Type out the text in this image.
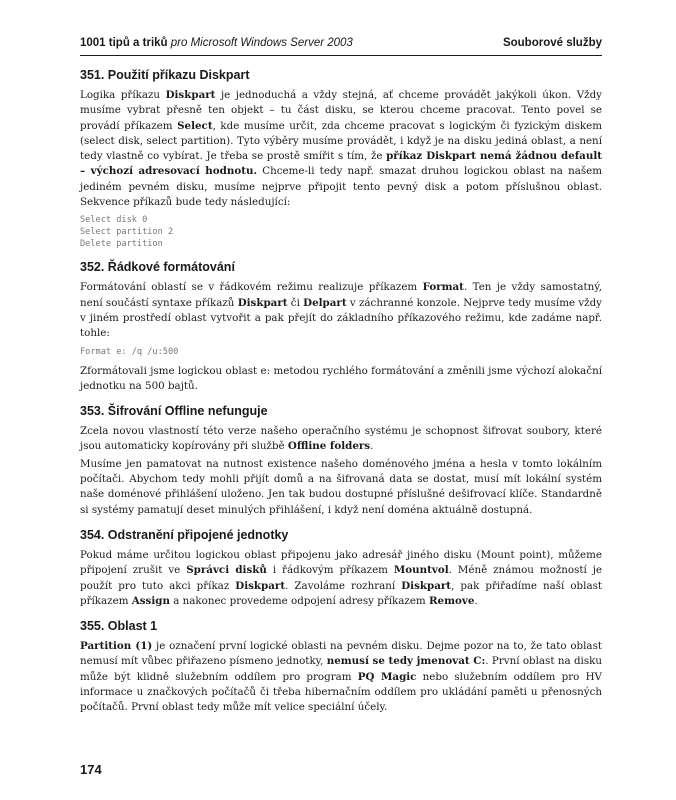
1001 tipů a triků pro Microsoft Windows Server 2003	Souborové služby
351. Použití příkazu Diskpart

Logika příkazu Diskpart je jednoduchá a vždy stejná, ať chceme provádět jakýkoli úkon. Vždy musíme vybrat přesně ten objekt – tu část disku, se kterou chceme pracovat. Tento povel se provádí příkazem Select, kde musíme určit, zda chceme pracovat s logickým či fyzickým diskem (select disk, select partition). Tyto výběry musíme provádět, i když je na disku jediná oblast, a není tedy vlastně co vybírat. Je třeba se prostě smířit s tím, že příkaz Diskpart nemá žádnou default – výchozí adresovací hodnotu. Chceme-li tedy např. smazat druhou logickou oblast na našem jediném pevném disku, musíme nejprve připojit tento pevný disk a potom příslušnou oblast. Sekvence příkazů bude tedy následující:

Select disk 0
Select partition 2
Delete partition
352. Řádkové formátování

Formátování oblastí se v řádkovém režimu realizuje příkazem Format. Ten je vždy samostatný, není součástí syntaxe příkazů Diskpart či Delpart v záchranné konzole. Nejprve tedy musíme vždy v jiném prostředí oblast vytvořit a pak přejít do základního příkazového režimu, kde zadáme např. tohle:

Format e: /q /u:500

Zformátovali jsme logickou oblast e: metodou rychlého formátování a změnili jsme výchozí alokační jednotku na 500 bajtů.

353. Šifrování Offline nefunguje

Zcela novou vlastností této verze našeho operačního systému je schopnost šifrovat soubory, které jsou automaticky kopírovány při službě Offline folders.

Musíme jen pamatovat na nutnost existence našeho doménového jména a hesla v tomto lokálním počítači. Abychom tedy mohli přijít domů a na šifrovaná data se dostat, musí mít lokální systém naše doménové přihlášení uloženo. Jen tak budou dostupné příslušné dešifrovací klíče. Standardně si systémy pamatují deset minulých přihlášení, i když není doména aktuálně dostupná.

354. Odstranění připojené jednotky

Pokud máme určitou logickou oblast připojenu jako adresář jiného disku (Mount point), můžeme připojení zrušit ve Správci disků i řádkovým příkazem Mountvol. Méně známou možností je použít pro tuto akci příkaz Diskpart. Zavoláme rozhraní Diskpart, pak přiřadíme naší oblast příkazem Assign a nakonec provedeme odpojení adresy příkazem Remove.

355. Oblast 1

Partition (1) je označení první logické oblasti na pevném disku. Dejme pozor na to, že tato oblast nemusí mít vůbec přiřazeno písmeno jednotky, nemusí se tedy jmenovat C:. První oblast na disku může být klidně služebním oddílem pro program PQ Magic nebo služebním oddílem pro HV informace u značkových počítačů či třeba hibernačním oddílem pro ukládání paměti u přenosných počítačů. První oblast tedy může mít velice speciální účely.

174
